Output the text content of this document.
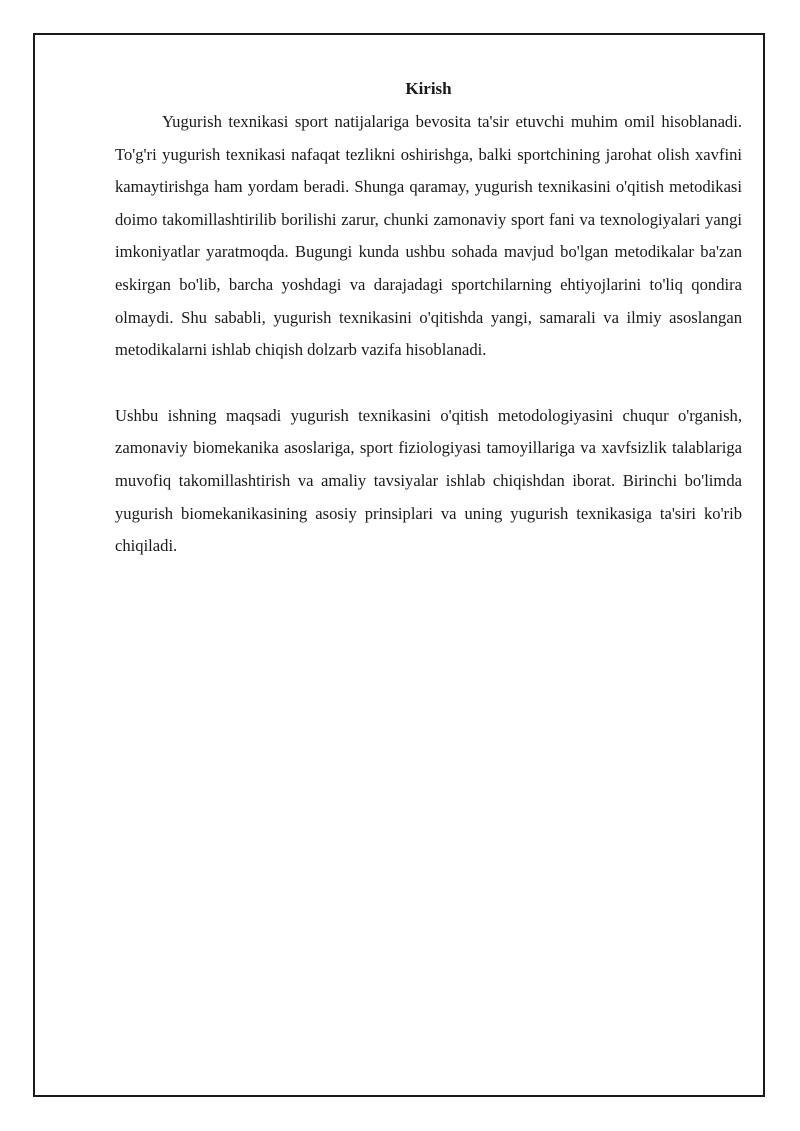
Kirish

Yugurish texnikasi sport natijalariga bevosita ta'sir etuvchi muhim omil hisoblanadi. To'g'ri yugurish texnikasi nafaqat tezlikni oshirishga, balki sportchining jarohat olish xavfini kamaytirishga ham yordam beradi. Shunga qaramay, yugurish texnikasini o'qitish metodikasi doimo takomillashtirilib borilishi zarur, chunki zamonaviy sport fani va texnologiyalari yangi imkoniyatlar yaratmoqda. Bugungi kunda ushbu sohada mavjud bo'lgan metodikalar ba'zan eskirgan bo'lib, barcha yoshdagi va darajadagi sportchilarning ehtiyojlarini to'liq qondira olmaydi. Shu sababli, yugurish texnikasini o'qitishda yangi, samarali va ilmiy asoslangan metodikalarni ishlab chiqish dolzarb vazifa hisoblanadi.

Ushbu ishning maqsadi yugurish texnikasini o'qitish metodologiyasini chuqur o'rganish, zamonaviy biomekanika asoslariga, sport fiziologiyasi tamoyillariga va xavfsizlik talablariga muvofiq takomillashtirish va amaliy tavsiyalar ishlab chiqishdan iborat. Birinchi bo'limda yugurish biomekanikasining asosiy prinsiplari va uning yugurish texnikasiga ta'siri ko'rib chiqiladi.
